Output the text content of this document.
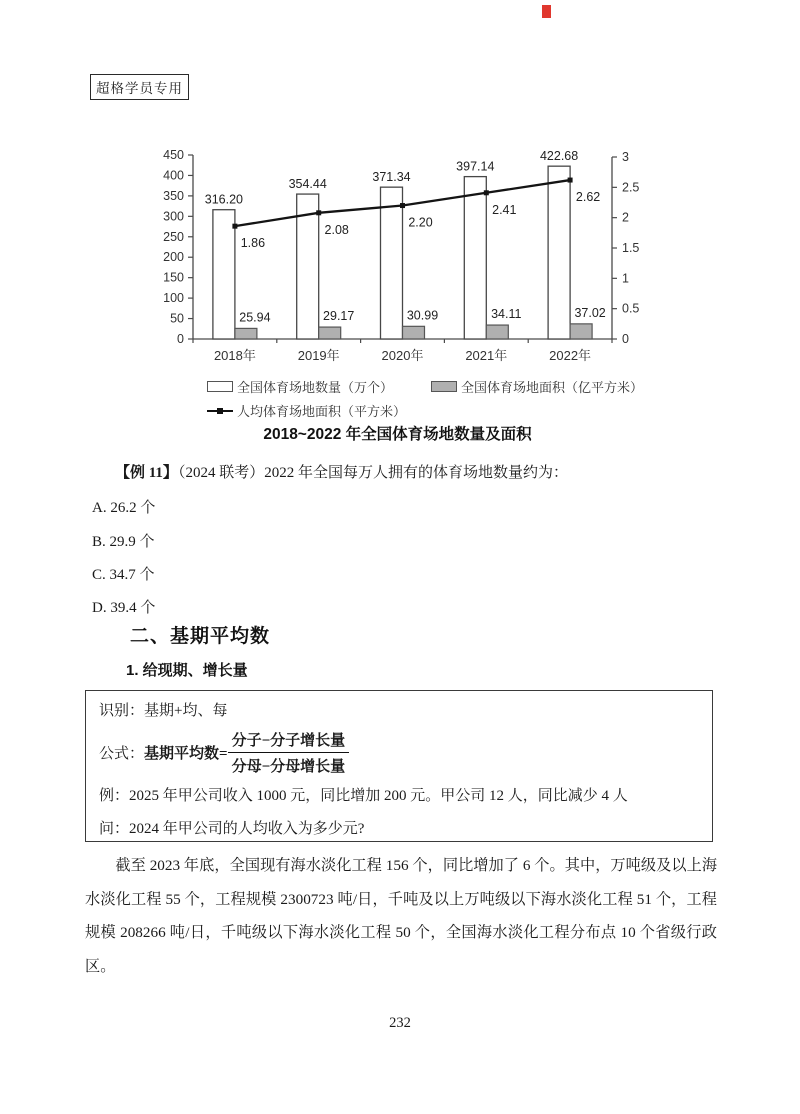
超格学员专用
0
50
100
150
200
250
300
350
400
450
0
0.5
1
1.5
2
2.5
3
2018年	2019年	2020年	2021年	2022年
316.20
354.44	371.34
397.14
422.68
25.94	29.17	30.99	34.11	37.02
1.86
2.08
2.20
2.41
2.62
全国体育场地数量（万个）	全国体育场地面积（亿平方米）
人均体育场地面积（平方米）
2018~2022 年全国体育场地数量及面积
【例 11】（2024 联考）2022 年全国每万人拥有的体育场地数量约为：
A. 26.2 个
B. 29.9 个
C. 34.7 个
D. 39.4 个
二、基期平均数
1. 给现期、增长量
识别：基期+均、每
公式： 基期平均数= $\frac{\text{分子−分子增长量}}{\text{分母−分母增长量}}$
例：2025 年甲公司收入 1000 元，同比增加 200 元。甲公司 12 人，同比减少 4 人
问：2024 年甲公司的人均收入为多少元?
截至 2023 年底，全国现有海水淡化工程 156 个，同比增加了 6 个。其中，万吨级及以上海水淡化工程 55 个，工程规模 2300723 吨/日，千吨及以上万吨级以下海水淡化工程 51 个，工程规模 208266 吨/日，千吨级以下海水淡化工程 50 个，全国海水淡化工程分布点 10 个省级行政区。
232
